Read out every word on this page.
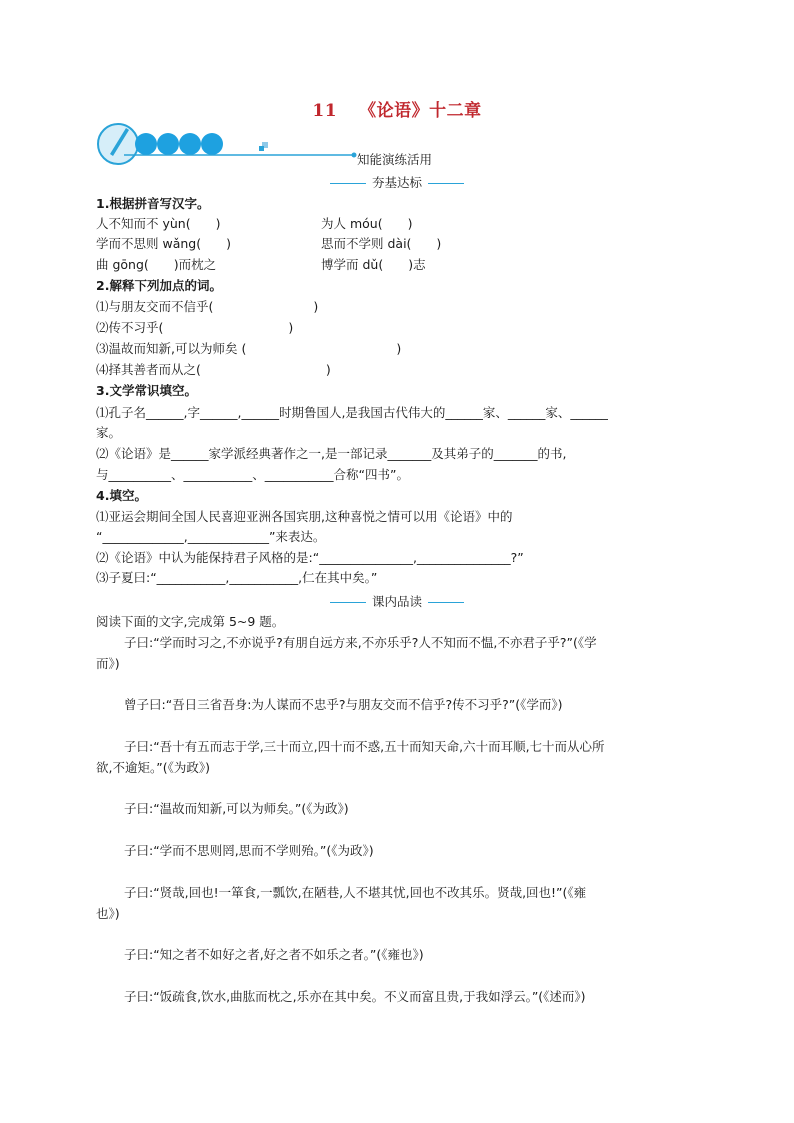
11 《论语》十二章
知能演练活用
夯基达标
1.根据拼音写汉字。
人不知而不 yùn(　　)	为人 móu(　　)
学而不思则 wǎng(　　)	思而不学则 dài(　　)
曲 gōng(　　)而枕之	博学而 dǔ(　　)志
2.解释下列加点的词。
⑴与朋友交而不信乎(　　　　　　　　)
⑵传不习乎(　　　　　　　　　　)
⑶温故而知新,可以为师矣 (　　　　　　　　　　　　)
⑷择其善者而从之(　　　　　　　　　　)
3.文学常识填空。
⑴孔子名______,字______,______时期鲁国人,是我国古代伟大的______家、______家、______
家。
⑵《论语》是______家学派经典著作之一,是一部记录_______及其弟子的_______的书,
与__________、___________、___________合称“四书”。
4.填空。
⑴亚运会期间全国人民喜迎亚洲各国宾朋,这种喜悦之情可以用《论语》中的
“_____________,_____________”来表达。
⑵《论语》中认为能保持君子风格的是:“_______________,_______________?”
⑶子夏曰:“___________,___________,仁在其中矣。”
课内品读
阅读下面的文字,完成第 5~9 题。
子曰:“学而时习之,不亦说乎?有朋自远方来,不亦乐乎?人不知而不愠,不亦君子乎?”(《学
而》)
曾子曰:“吾日三省吾身:为人谋而不忠乎?与朋友交而不信乎?传不习乎?”(《学而》)
子曰:“吾十有五而志于学,三十而立,四十而不惑,五十而知天命,六十而耳顺,七十而从心所
欲,不逾矩。”(《为政》)
子曰:“温故而知新,可以为师矣。”(《为政》)
子曰:“学而不思则罔,思而不学则殆。”(《为政》)
子曰:“贤哉,回也!一箪食,一瓢饮,在陋巷,人不堪其忧,回也不改其乐。贤哉,回也!”(《雍
也》)
子曰:“知之者不如好之者,好之者不如乐之者。”(《雍也》)
子曰:“饭疏食,饮水,曲肱而枕之,乐亦在其中矣。不义而富且贵,于我如浮云。”(《述而》)
